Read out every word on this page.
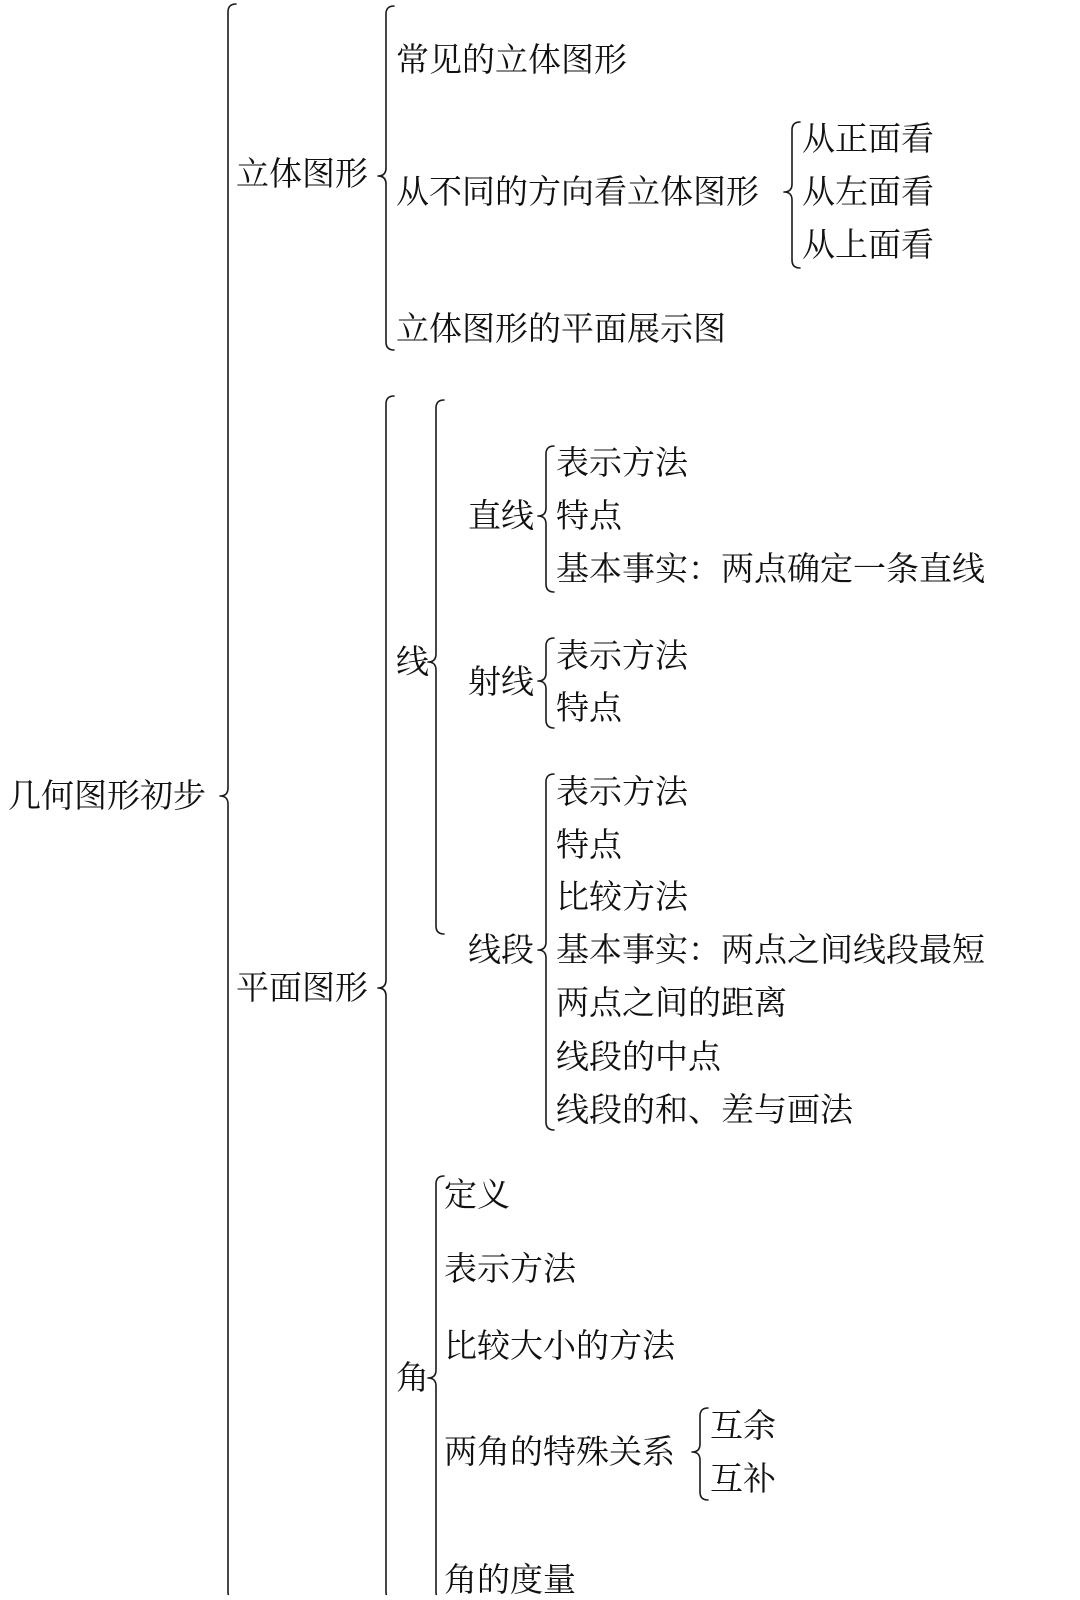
几何图形初步
立体图形
常见的立体图形
从不同的方向看立体图形
从正面看
从左面看
从上面看
立体图形的平面展示图
平面图形
线
直线
表示方法
特点
基本事实：两点确定一条直线
射线
表示方法
特点
线段
表示方法
特点
比较方法
基本事实：两点之间线段最短
两点之间的距离
线段的中点
线段的和、差与画法
角
定义
表示方法
比较大小的方法
两角的特殊关系
互余
互补
角的度量
